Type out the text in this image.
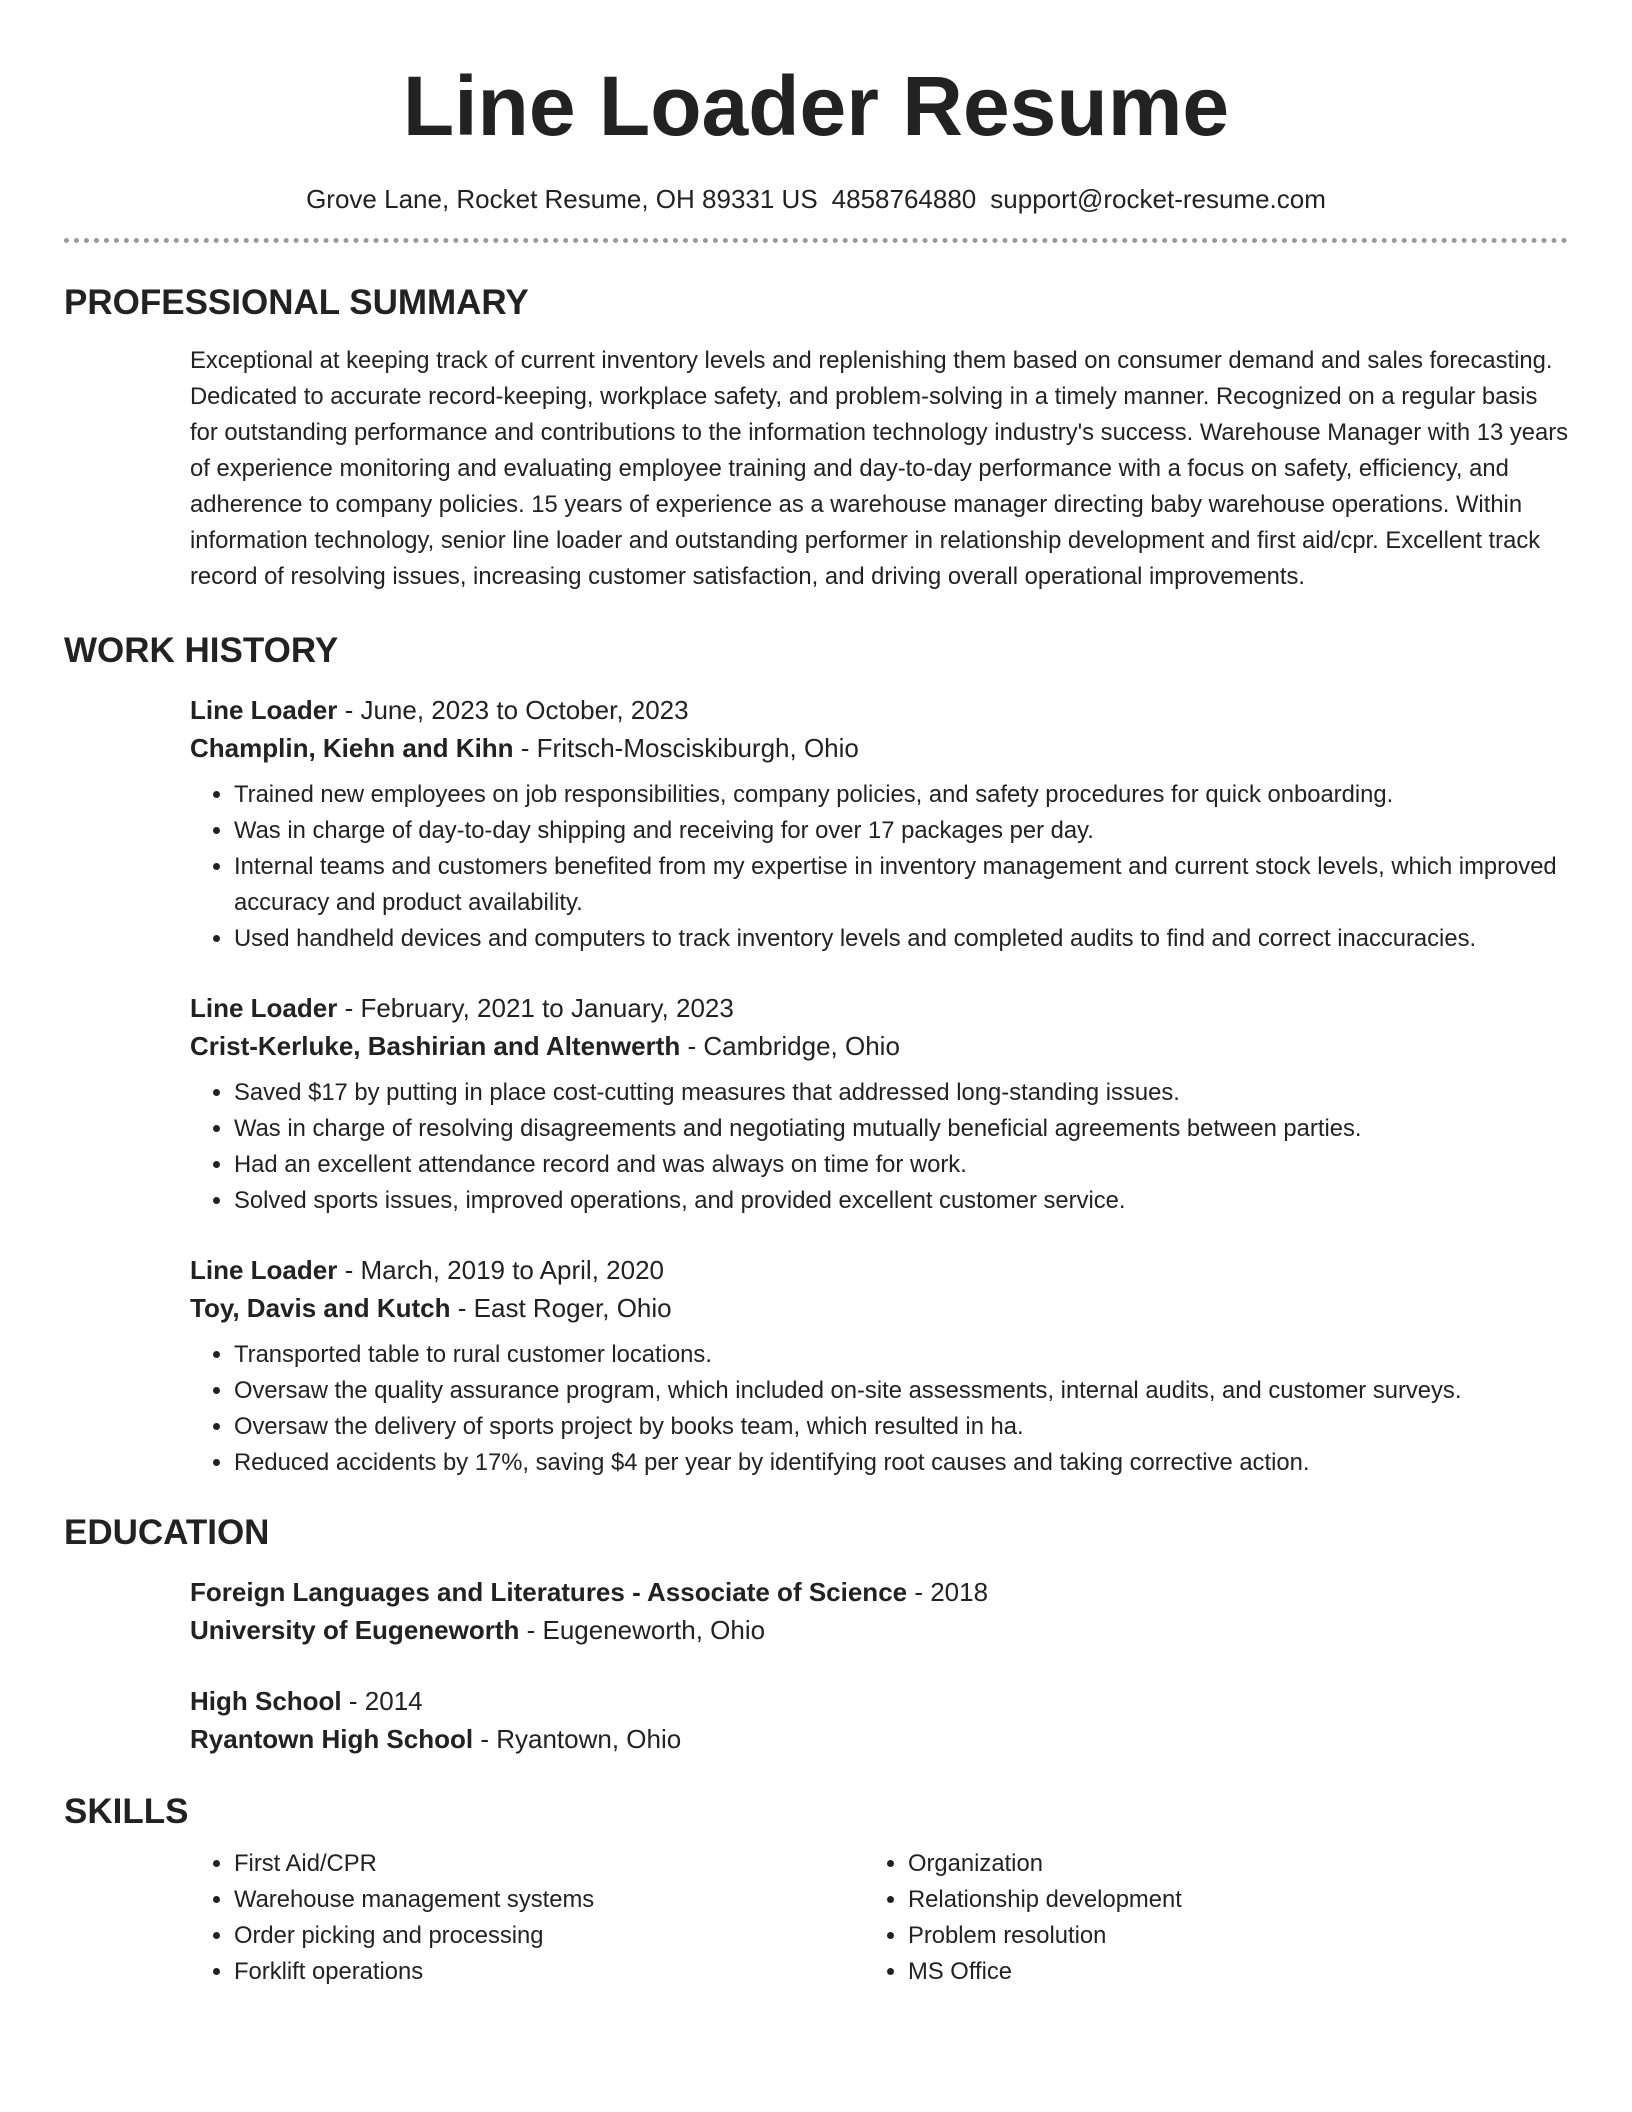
Line Loader Resume
Grove Lane, Rocket Resume, OH 89331 US 4858764880 support@rocket-resume.com
PROFESSIONAL SUMMARY

Exceptional at keeping track of current inventory levels and replenishing them based on consumer demand and sales forecasting. Dedicated to accurate record-keeping, workplace safety, and problem-solving in a timely manner. Recognized on a regular basis for outstanding performance and contributions to the information technology industry's success. Warehouse Manager with 13 years of experience monitoring and evaluating employee training and day-to-day performance with a focus on safety, efficiency, and adherence to company policies. 15 years of experience as a warehouse manager directing baby warehouse operations. Within information technology, senior line loader and outstanding performer in relationship development and first aid/cpr. Excellent track record of resolving issues, increasing customer satisfaction, and driving overall operational improvements.

WORK HISTORY
Line Loader - June, 2023 to October, 2023
Champlin, Kiehn and Kihn - Fritsch-Mosciskiburgh, Ohio
• Trained new employees on job responsibilities, company policies, and safety procedures for quick onboarding.
• Was in charge of day-to-day shipping and receiving for over 17 packages per day.
• Internal teams and customers benefited from my expertise in inventory management and current stock levels, which improved accuracy and product availability.
• Used handheld devices and computers to track inventory levels and completed audits to find and correct inaccuracies.
Line Loader - February, 2021 to January, 2023
Crist-Kerluke, Bashirian and Altenwerth - Cambridge, Ohio
• Saved $17 by putting in place cost-cutting measures that addressed long-standing issues.
• Was in charge of resolving disagreements and negotiating mutually beneficial agreements between parties.
• Had an excellent attendance record and was always on time for work.
• Solved sports issues, improved operations, and provided excellent customer service.
Line Loader - March, 2019 to April, 2020
Toy, Davis and Kutch - East Roger, Ohio
• Transported table to rural customer locations.
• Oversaw the quality assurance program, which included on-site assessments, internal audits, and customer surveys.
• Oversaw the delivery of sports project by books team, which resulted in ha.
• Reduced accidents by 17%, saving $4 per year by identifying root causes and taking corrective action.
EDUCATION
Foreign Languages and Literatures - Associate of Science - 2018
University of Eugeneworth - Eugeneworth, Ohio
High School - 2014
Ryantown High School - Ryantown, Ohio
SKILLS
• First Aid/CPR
• Warehouse management systems
• Order picking and processing
• Forklift operations
• Organization
• Relationship development
• Problem resolution
• MS Office
